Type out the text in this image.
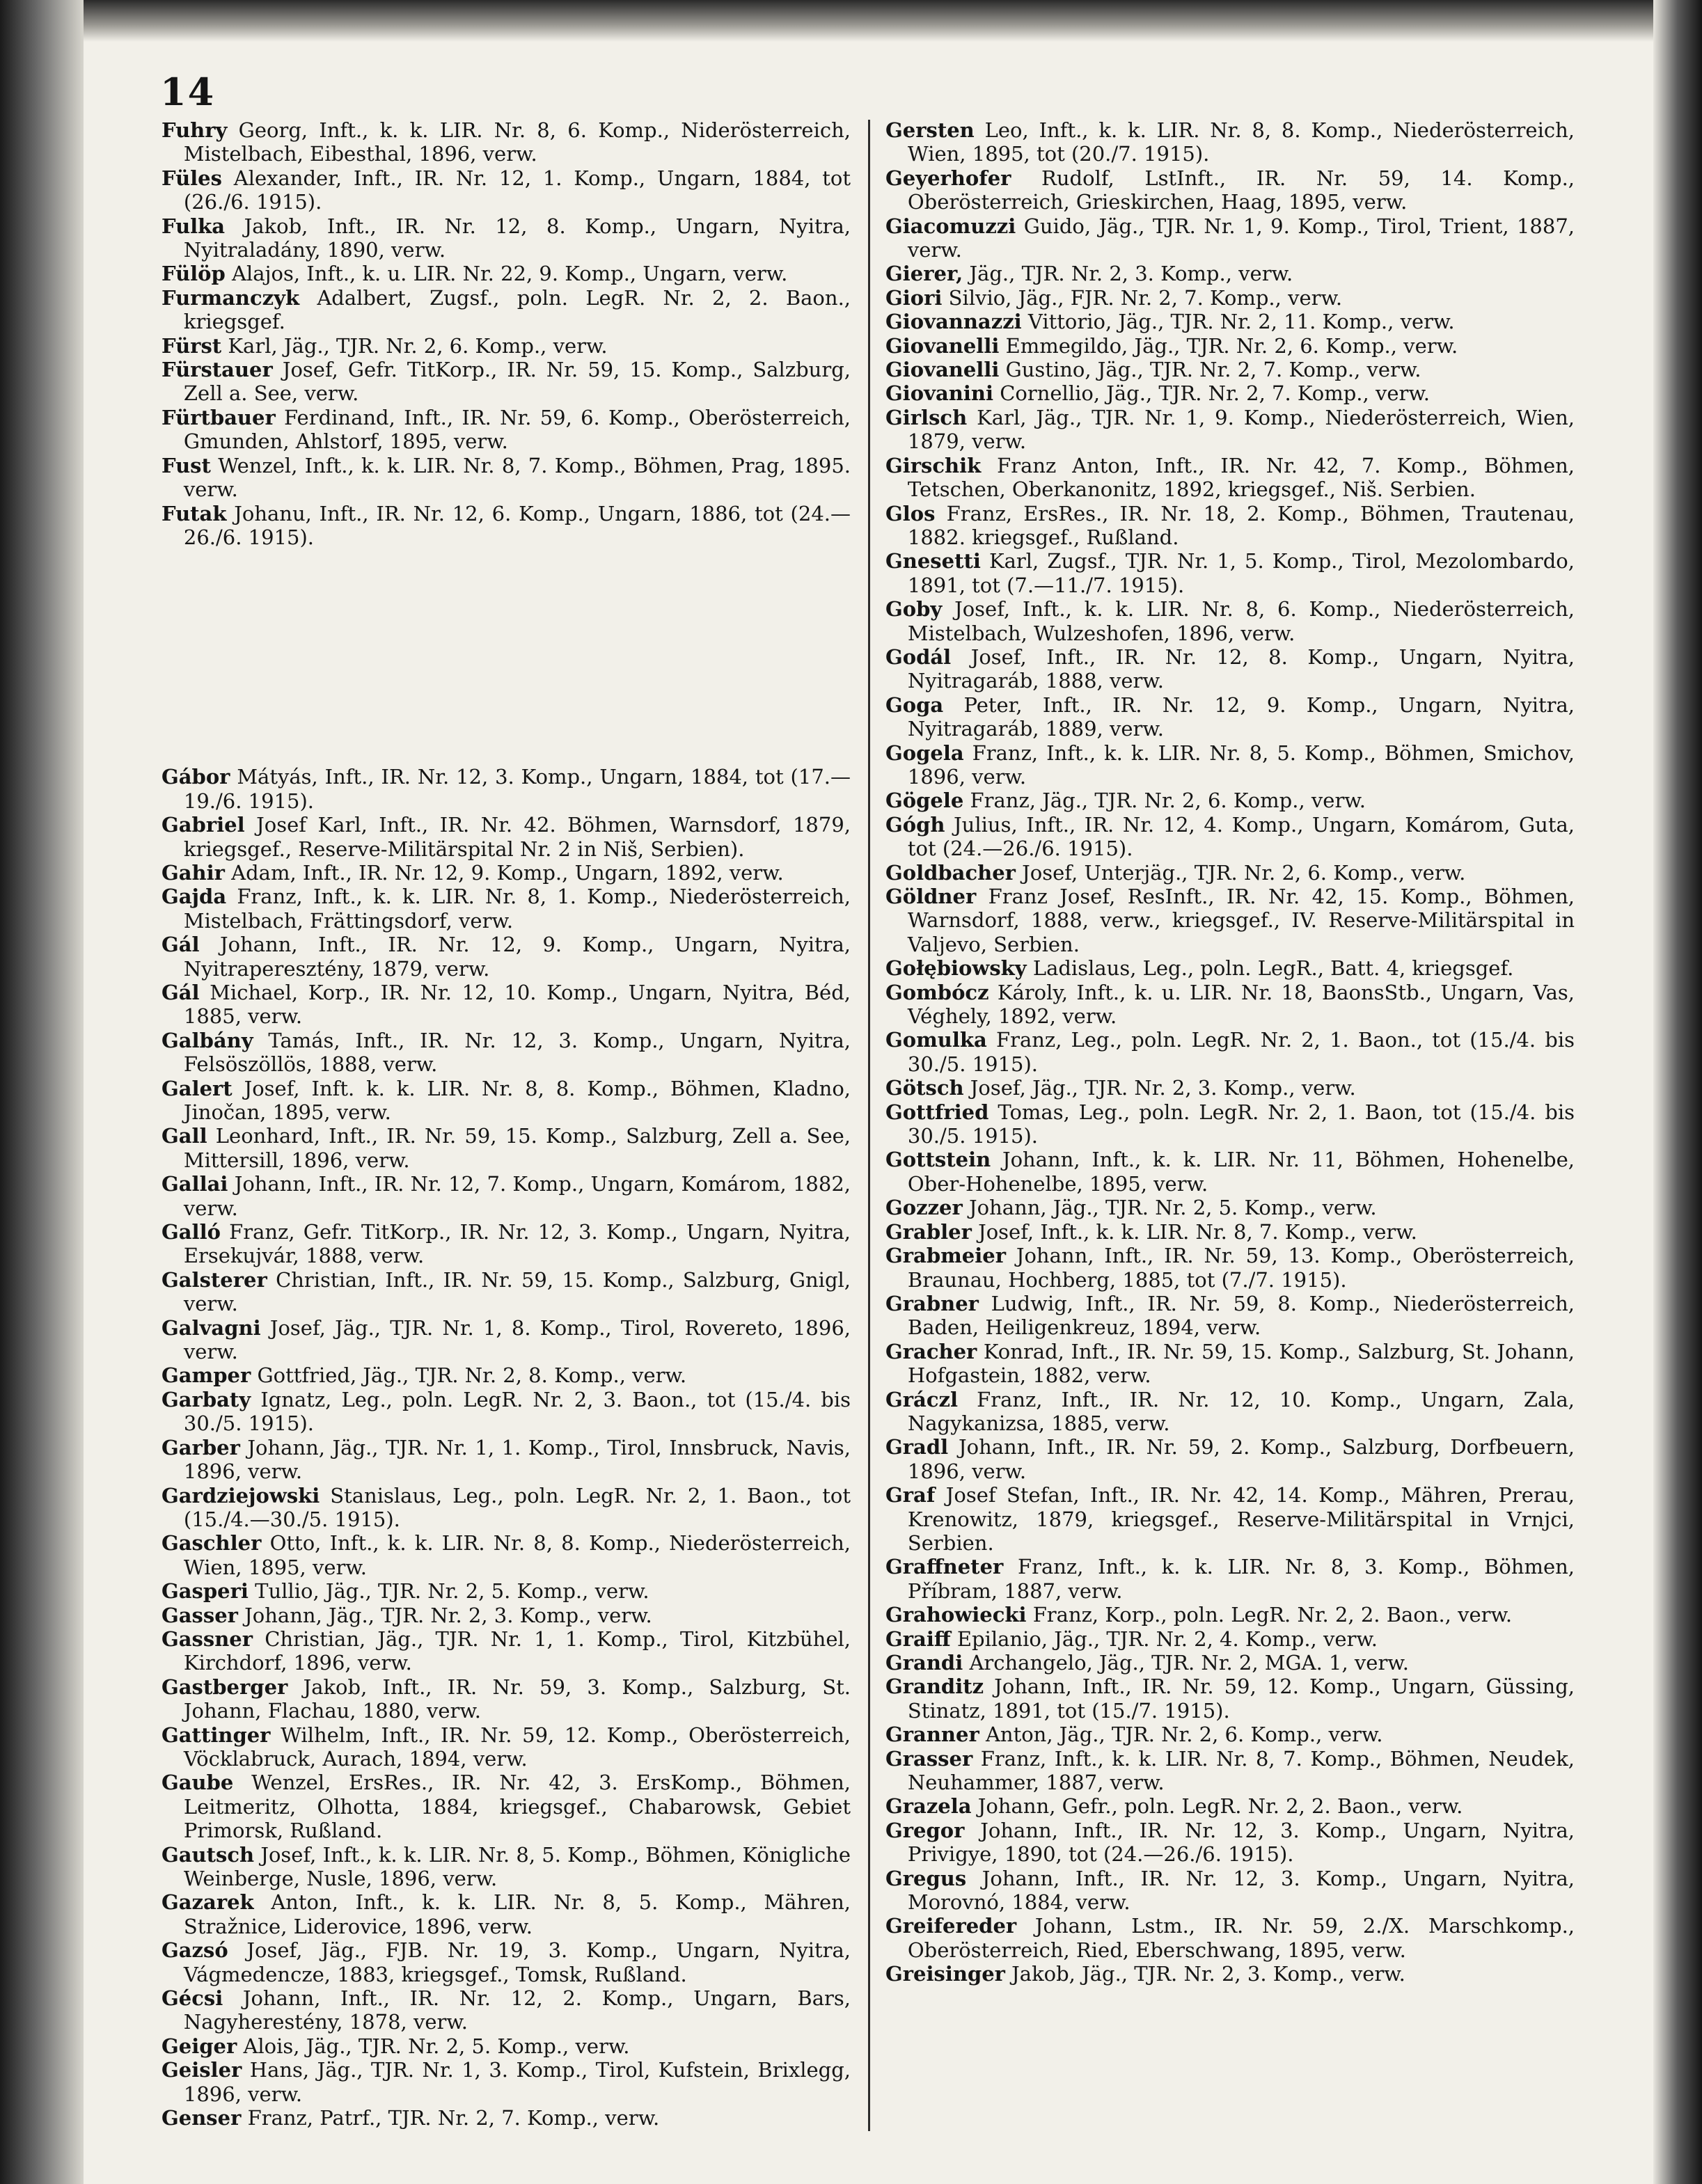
14

Fuhry Georg, Inft., k. k. LIR. Nr. 8, 6. Komp., Niderösterreich, Mistelbach, Eibesthal, 1896, verw.

Füles Alexander, Inft., IR. Nr. 12, 1. Komp., Ungarn, 1884, tot (26./6. 1915).

Fulka Jakob, Inft., IR. Nr. 12, 8. Komp., Ungarn, Nyitra, Nyitraladány, 1890, verw.

Fülöp Alajos, Inft., k. u. LIR. Nr. 22, 9. Komp., Ungarn, verw.

Furmanczyk Adalbert, Zugsf., poln. LegR. Nr. 2, 2. Baon., kriegsgef.

Fürst Karl, Jäg., TJR. Nr. 2, 6. Komp., verw.

Fürstauer Josef, Gefr. TitKorp., IR. Nr. 59, 15. Komp., Salzburg, Zell a. See, verw.

Fürtbauer Ferdinand, Inft., IR. Nr. 59, 6. Komp., Oberösterreich, Gmunden, Ahlstorf, 1895, verw.

Fust Wenzel, Inft., k. k. LIR. Nr. 8, 7. Komp., Böhmen, Prag, 1895. verw.

Futak Johanu, Inft., IR. Nr. 12, 6. Komp., Ungarn, 1886, tot (24.—26./6. 1915).

Gábor Mátyás, Inft., IR. Nr. 12, 3. Komp., Ungarn, 1884, tot (17.—19./6. 1915).

Gabriel Josef Karl, Inft., IR. Nr. 42. Böhmen, Warnsdorf, 1879, kriegsgef., Reserve-Militärspital Nr. 2 in Niš, Serbien).

Gahir Adam, Inft., IR. Nr. 12, 9. Komp., Ungarn, 1892, verw.

Gajda Franz, Inft., k. k. LIR. Nr. 8, 1. Komp., Niederösterreich, Mistelbach, Frättingsdorf, verw.

Gál Johann, Inft., IR. Nr. 12, 9. Komp., Ungarn, Nyitra, Nyitraperesztény, 1879, verw.

Gál Michael, Korp., IR. Nr. 12, 10. Komp., Ungarn, Nyitra, Béd, 1885, verw.

Galbány Tamás, Inft., IR. Nr. 12, 3. Komp., Ungarn, Nyitra, Felsöszöllös, 1888, verw.

Galert Josef, Inft. k. k. LIR. Nr. 8, 8. Komp., Böhmen, Kladno, Jinočan, 1895, verw.

Gall Leonhard, Inft., IR. Nr. 59, 15. Komp., Salzburg, Zell a. See, Mittersill, 1896, verw.

Gallai Johann, Inft., IR. Nr. 12, 7. Komp., Ungarn, Komárom, 1882, verw.

Galló Franz, Gefr. TitKorp., IR. Nr. 12, 3. Komp., Ungarn, Nyitra, Ersekujvár, 1888, verw.

Galsterer Christian, Inft., IR. Nr. 59, 15. Komp., Salzburg, Gnigl, verw.

Galvagni Josef, Jäg., TJR. Nr. 1, 8. Komp., Tirol, Rovereto, 1896, verw.

Gamper Gottfried, Jäg., TJR. Nr. 2, 8. Komp., verw.

Garbaty Ignatz, Leg., poln. LegR. Nr. 2, 3. Baon., tot (15./4. bis 30./5. 1915).

Garber Johann, Jäg., TJR. Nr. 1, 1. Komp., Tirol, Innsbruck, Navis, 1896, verw.

Gardziejowski Stanislaus, Leg., poln. LegR. Nr. 2, 1. Baon., tot (15./4.—30./5. 1915).

Gaschler Otto, Inft., k. k. LIR. Nr. 8, 8. Komp., Niederösterreich, Wien, 1895, verw.

Gasperi Tullio, Jäg., TJR. Nr. 2, 5. Komp., verw.

Gasser Johann, Jäg., TJR. Nr. 2, 3. Komp., verw.

Gassner Christian, Jäg., TJR. Nr. 1, 1. Komp., Tirol, Kitzbühel, Kirchdorf, 1896, verw.

Gastberger Jakob, Inft., IR. Nr. 59, 3. Komp., Salzburg, St. Johann, Flachau, 1880, verw.

Gattinger Wilhelm, Inft., IR. Nr. 59, 12. Komp., Oberösterreich, Vöcklabruck, Aurach, 1894, verw.

Gaube Wenzel, ErsRes., IR. Nr. 42, 3. ErsKomp., Böhmen, Leitmeritz, Olhotta, 1884, kriegsgef., Chabarowsk, Gebiet Primorsk, Rußland.

Gautsch Josef, Inft., k. k. LIR. Nr. 8, 5. Komp., Böhmen, Königliche Weinberge, Nusle, 1896, verw.

Gazarek Anton, Inft., k. k. LIR. Nr. 8, 5. Komp., Mähren, Stražnice, Liderovice, 1896, verw.

Gazsó Josef, Jäg., FJB. Nr. 19, 3. Komp., Ungarn, Nyitra, Vágmedencze, 1883, kriegsgef., Tomsk, Rußland.

Gécsi Johann, Inft., IR. Nr. 12, 2. Komp., Ungarn, Bars, Nagyherestény, 1878, verw.

Geiger Alois, Jäg., TJR. Nr. 2, 5. Komp., verw.

Geisler Hans, Jäg., TJR. Nr. 1, 3. Komp., Tirol, Kufstein, Brixlegg, 1896, verw.

Genser Franz, Patrf., TJR. Nr. 2, 7. Komp., verw.

Gersten Leo, Inft., k. k. LIR. Nr. 8, 8. Komp., Niederösterreich, Wien, 1895, tot (20./7. 1915).

Geyerhofer Rudolf, LstInft., IR. Nr. 59, 14. Komp., Oberösterreich, Grieskirchen, Haag, 1895, verw.

Giacomuzzi Guido, Jäg., TJR. Nr. 1, 9. Komp., Tirol, Trient, 1887, verw.

Gierer, Jäg., TJR. Nr. 2, 3. Komp., verw.

Giori Silvio, Jäg., FJR. Nr. 2, 7. Komp., verw.

Giovannazzi Vittorio, Jäg., TJR. Nr. 2, 11. Komp., verw.

Giovanelli Emmegildo, Jäg., TJR. Nr. 2, 6. Komp., verw.

Giovanelli Gustino, Jäg., TJR. Nr. 2, 7. Komp., verw.

Giovanini Cornellio, Jäg., TJR. Nr. 2, 7. Komp., verw.

Girlsch Karl, Jäg., TJR. Nr. 1, 9. Komp., Niederösterreich, Wien, 1879, verw.

Girschik Franz Anton, Inft., IR. Nr. 42, 7. Komp., Böhmen, Tetschen, Oberkanonitz, 1892, kriegsgef., Niš. Serbien.

Glos Franz, ErsRes., IR. Nr. 18, 2. Komp., Böhmen, Trautenau, 1882. kriegsgef., Rußland.

Gnesetti Karl, Zugsf., TJR. Nr. 1, 5. Komp., Tirol, Mezolombardo, 1891, tot (7.—11./7. 1915).

Goby Josef, Inft., k. k. LIR. Nr. 8, 6. Komp., Niederösterreich, Mistelbach, Wulzeshofen, 1896, verw.

Godál Josef, Inft., IR. Nr. 12, 8. Komp., Ungarn, Nyitra, Nyitragaráb, 1888, verw.

Goga Peter, Inft., IR. Nr. 12, 9. Komp., Ungarn, Nyitra, Nyitragaráb, 1889, verw.

Gogela Franz, Inft., k. k. LIR. Nr. 8, 5. Komp., Böhmen, Smichov, 1896, verw.

Gögele Franz, Jäg., TJR. Nr. 2, 6. Komp., verw.

Gógh Julius, Inft., IR. Nr. 12, 4. Komp., Ungarn, Komárom, Guta, tot (24.—26./6. 1915).

Goldbacher Josef, Unterjäg., TJR. Nr. 2, 6. Komp., verw.

Göldner Franz Josef, ResInft., IR. Nr. 42, 15. Komp., Böhmen, Warnsdorf, 1888, verw., kriegsgef., IV. Reserve-Militärspital in Valjevo, Serbien.

Gołębiowsky Ladislaus, Leg., poln. LegR., Batt. 4, kriegsgef.

Gombócz Károly, Inft., k. u. LIR. Nr. 18, BaonsStb., Ungarn, Vas, Véghely, 1892, verw.

Gomulka Franz, Leg., poln. LegR. Nr. 2, 1. Baon., tot (15./4. bis 30./5. 1915).

Götsch Josef, Jäg., TJR. Nr. 2, 3. Komp., verw.

Gottfried Tomas, Leg., poln. LegR. Nr. 2, 1. Baon, tot (15./4. bis 30./5. 1915).

Gottstein Johann, Inft., k. k. LIR. Nr. 11, Böhmen, Hohenelbe, Ober-Hohenelbe, 1895, verw.

Gozzer Johann, Jäg., TJR. Nr. 2, 5. Komp., verw.

Grabler Josef, Inft., k. k. LIR. Nr. 8, 7. Komp., verw.

Grabmeier Johann, Inft., IR. Nr. 59, 13. Komp., Oberösterreich, Braunau, Hochberg, 1885, tot (7./7. 1915).

Grabner Ludwig, Inft., IR. Nr. 59, 8. Komp., Niederösterreich, Baden, Heiligenkreuz, 1894, verw.

Gracher Konrad, Inft., IR. Nr. 59, 15. Komp., Salzburg, St. Johann, Hofgastein, 1882, verw.

Gráczl Franz, Inft., IR. Nr. 12, 10. Komp., Ungarn, Zala, Nagykanizsa, 1885, verw.

Gradl Johann, Inft., IR. Nr. 59, 2. Komp., Salzburg, Dorfbeuern, 1896, verw.

Graf Josef Stefan, Inft., IR. Nr. 42, 14. Komp., Mähren, Prerau, Krenowitz, 1879, kriegsgef., Reserve-Militärspital in Vrnjci, Serbien.

Graffneter Franz, Inft., k. k. LIR. Nr. 8, 3. Komp., Böhmen, Příbram, 1887, verw.

Grahowiecki Franz, Korp., poln. LegR. Nr. 2, 2. Baon., verw.

Graiff Epilanio, Jäg., TJR. Nr. 2, 4. Komp., verw.

Grandi Archangelo, Jäg., TJR. Nr. 2, MGA. 1, verw.

Granditz Johann, Inft., IR. Nr. 59, 12. Komp., Ungarn, Güssing, Stinatz, 1891, tot (15./7. 1915).

Granner Anton, Jäg., TJR. Nr. 2, 6. Komp., verw.

Grasser Franz, Inft., k. k. LIR. Nr. 8, 7. Komp., Böhmen, Neudek, Neuhammer, 1887, verw.

Grazela Johann, Gefr., poln. LegR. Nr. 2, 2. Baon., verw.

Gregor Johann, Inft., IR. Nr. 12, 3. Komp., Ungarn, Nyitra, Privigye, 1890, tot (24.—26./6. 1915).

Gregus Johann, Inft., IR. Nr. 12, 3. Komp., Ungarn, Nyitra, Morovnó, 1884, verw.

Greifereder Johann, Lstm., IR. Nr. 59, 2./X. Marschkomp., Oberösterreich, Ried, Eberschwang, 1895, verw.

Greisinger Jakob, Jäg., TJR. Nr. 2, 3. Komp., verw.
